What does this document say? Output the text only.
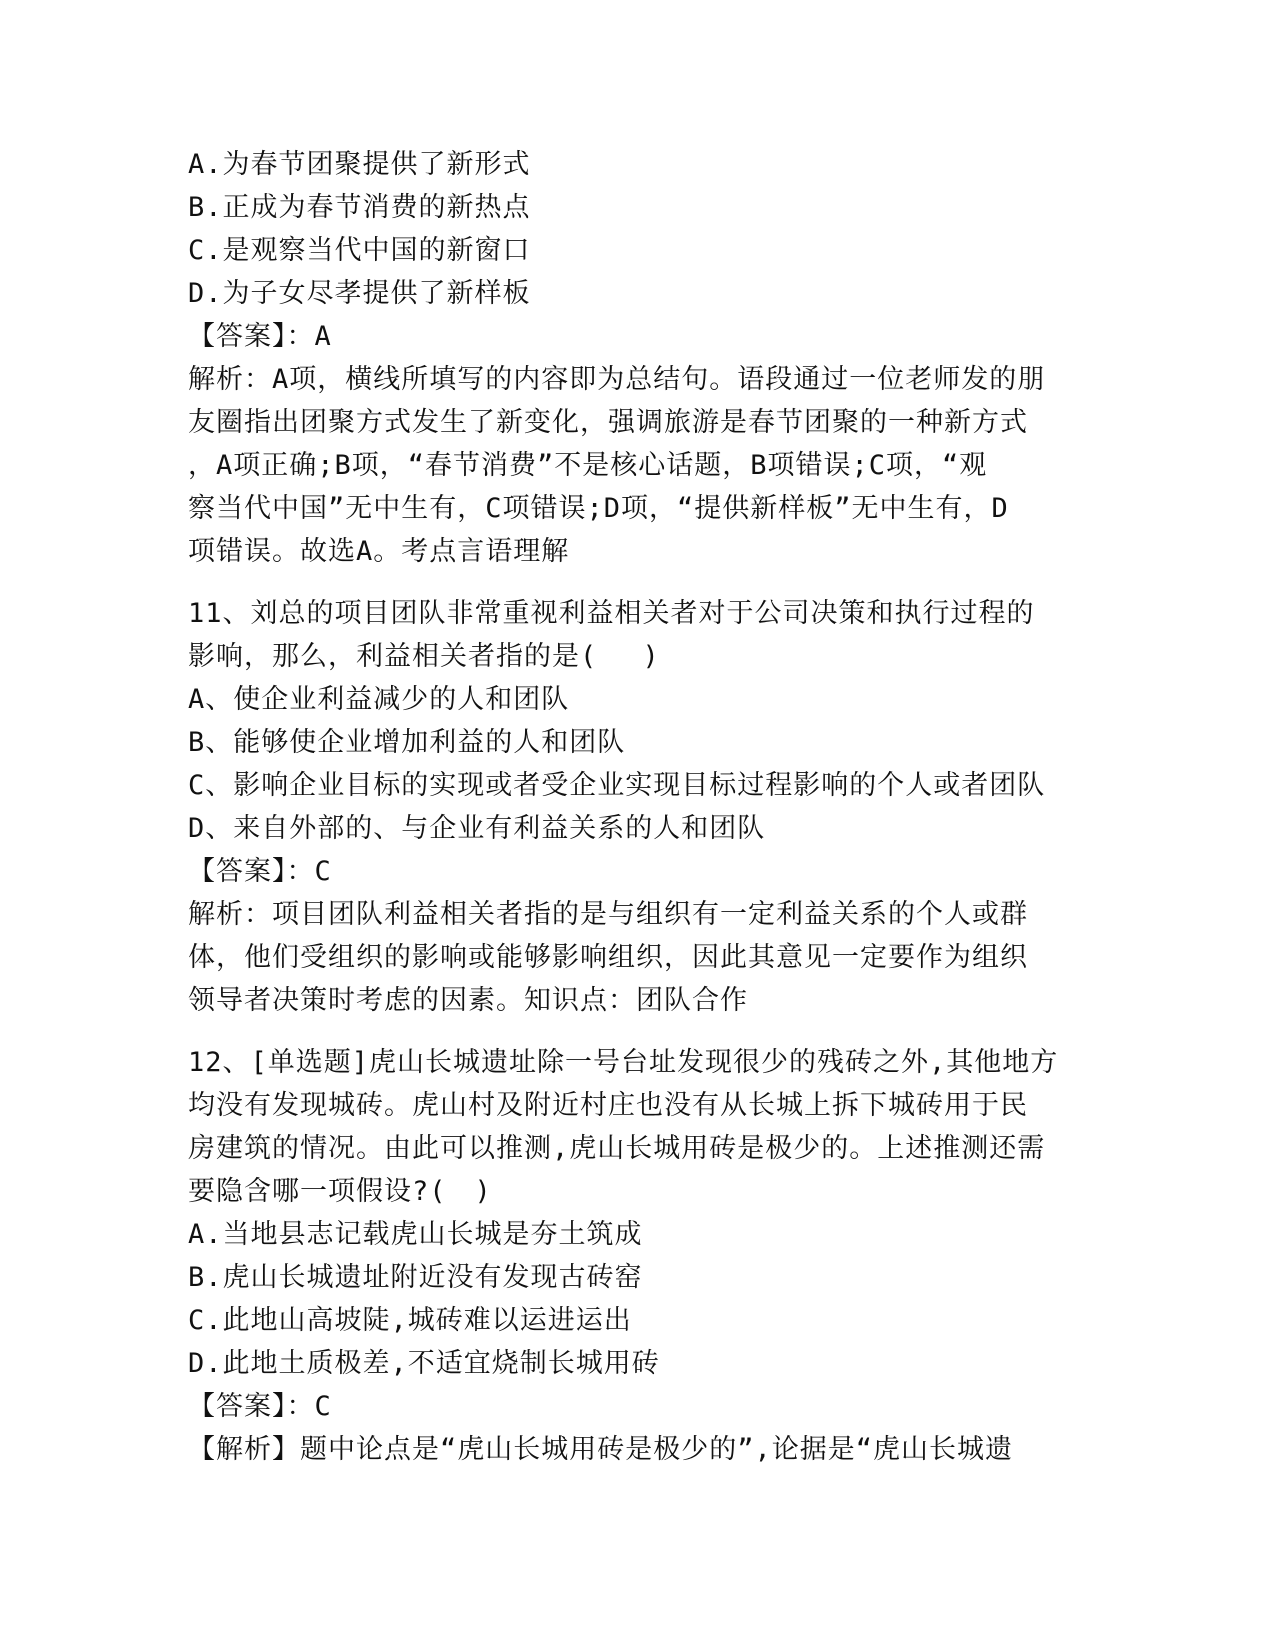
A.为春节团聚提供了新形式
B.正成为春节消费的新热点
C.是观察当代中国的新窗口
D.为子女尽孝提供了新样板
【答案】：A
解析：A项，横线所填写的内容即为总结句。语段通过一位老师发的朋
友圈指出团聚方式发生了新变化，强调旅游是春节团聚的一种新方式
，A项正确;B项，“春节消费”不是核心话题，B项错误;C项，“观
察当代中国”无中生有，C项错误;D项，“提供新样板”无中生有，D
项错误。故选A。考点言语理解
11、刘总的项目团队非常重视利益相关者对于公司决策和执行过程的
影响，那么，利益相关者指的是(　 )
A、使企业利益减少的人和团队
B、能够使企业增加利益的人和团队
C、影响企业目标的实现或者受企业实现目标过程影响的个人或者团队
D、来自外部的、与企业有利益关系的人和团队
【答案】：C
解析：项目团队利益相关者指的是与组织有一定利益关系的个人或群
体，他们受组织的影响或能够影响组织，因此其意见一定要作为组织
领导者决策时考虑的因素。知识点：团队合作
12、[单选题]虎山长城遗址除一号台址发现很少的残砖之外,其他地方
均没有发现城砖。虎山村及附近村庄也没有从长城上拆下城砖用于民
房建筑的情况。由此可以推测,虎山长城用砖是极少的。上述推测还需
要隐含哪一项假设?(　)
A.当地县志记载虎山长城是夯土筑成
B.虎山长城遗址附近没有发现古砖窑
C.此地山高坡陡,城砖难以运进运出
D.此地土质极差,不适宜烧制长城用砖
【答案】：C
【解析】题中论点是“虎山长城用砖是极少的”,论据是“虎山长城遗
